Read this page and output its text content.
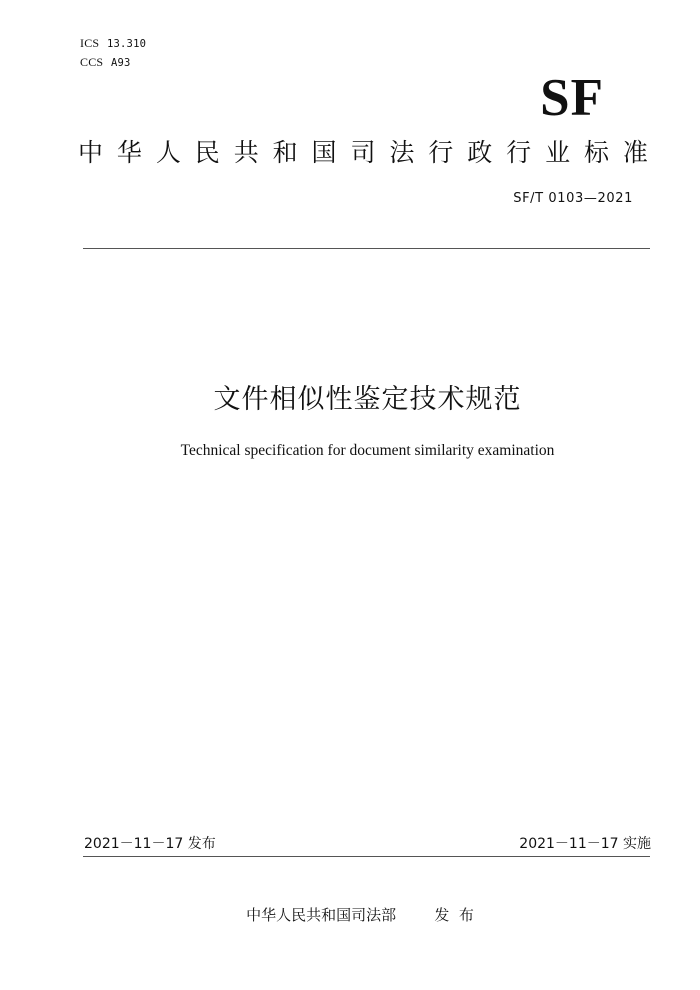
ICS 13.310
CCS A93
SF
中 华 人 民 共 和 国 司 法 行 政 行 业 标 准
SF/T 0103—2021
文件相似性鉴定技术规范
Technical specification for document similarity examination
2021－11－17 发布	2021－11－17 实施
中华人民共和国司法部	发  布
